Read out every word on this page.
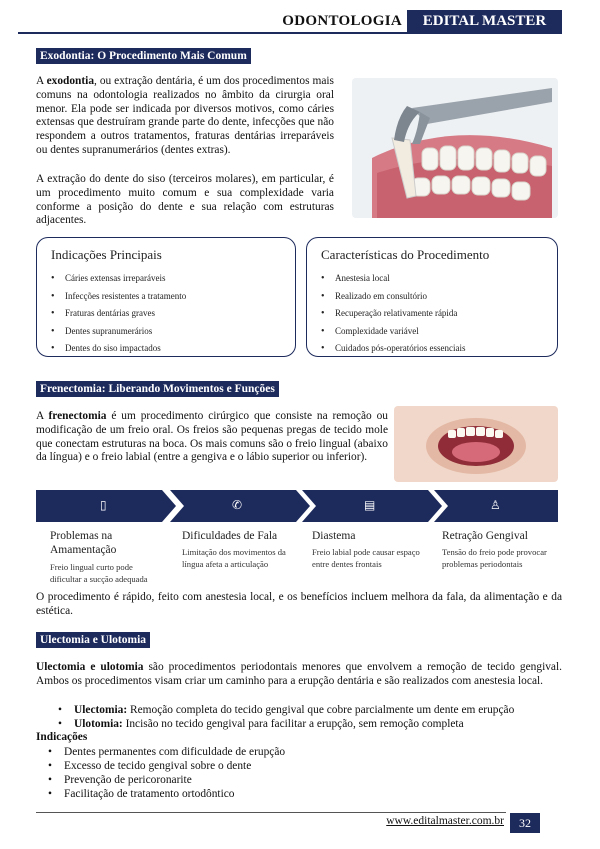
ODONTOLOGIA	EDITAL MASTER
Exodontia: O Procedimento Mais Comum
A exodontia, ou extração dentária, é um dos procedimentos mais comuns na odontologia realizados no âmbito da cirurgia oral menor. Ela pode ser indicada por diversos motivos, como cáries extensas que destruíram grande parte do dente, infecções que não respondem a outros tratamentos, fraturas dentárias irreparáveis ou dentes supranumerários (dentes extras).
A extração do dente do siso (terceiros molares), em particular, é um procedimento muito comum e sua complexidade varia conforme a posição do dente e sua relação com estruturas adjacentes.
Indicações Principais
• Cáries extensas irreparáveis
• Infecções resistentes a tratamento
• Fraturas dentárias graves
• Dentes supranumerários
• Dentes do siso impactados
Características do Procedimento
• Anestesia local
• Realizado em consultório
• Recuperação relativamente rápida
• Complexidade variável
• Cuidados pós-operatórios essenciais
Frenectomia: Liberando Movimentos e Funções
A frenectomia é um procedimento cirúrgico que consiste na remoção ou modificação de um freio oral. Os freios são pequenas pregas de tecido mole que conectam estruturas na boca. Os mais comuns são o freio lingual (abaixo da língua) e o freio labial (entre a gengiva e o lábio superior ou inferior).
▯	✆	▤	♙
Problemas na Amamentação
Freio lingual curto pode dificultar a sucção adequada
Dificuldades de Fala
Limitação dos movimentos da língua afeta a articulação
Diastema
Freio labial pode causar espaço entre dentes frontais
Retração Gengival
Tensão do freio pode provocar problemas periodontais
O procedimento é rápido, feito com anestesia local, e os benefícios incluem melhora da fala, da alimentação e da estética.
Ulectomia e Ulotomia
Ulectomia e ulotomia são procedimentos periodontais menores que envolvem a remoção de tecido gengival. Ambos os procedimentos visam criar um caminho para a erupção dentária e são realizados com anestesia local.
• Ulectomia: Remoção completa do tecido gengival que cobre parcialmente um dente em erupção
• Ulotomia: Incisão no tecido gengival para facilitar a erupção, sem remoção completa
Indicações
• Dentes permanentes com dificuldade de erupção
• Excesso de tecido gengival sobre o dente
• Prevenção de pericoronarite
• Facilitação de tratamento ortodôntico
www.editalmaster.com.br	32
